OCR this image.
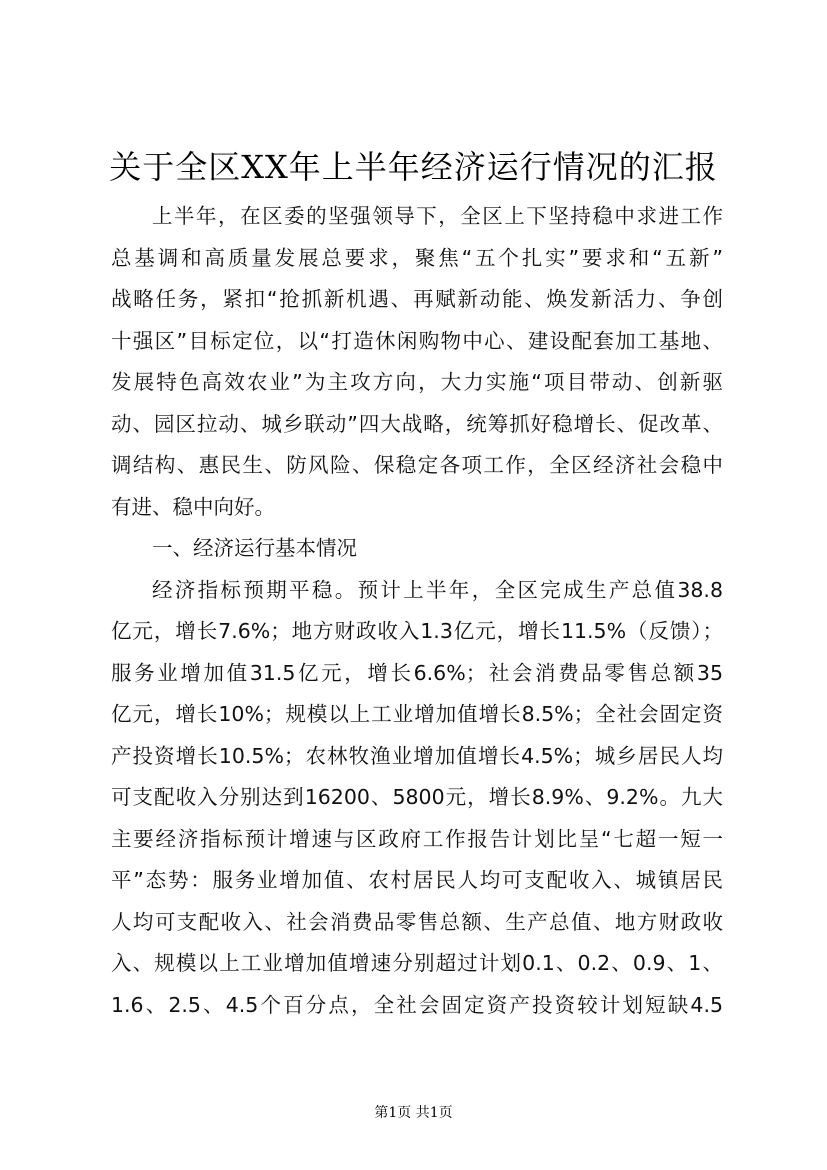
关于全区XX年上半年经济运行情况的汇报
上半年，在区委的坚强领导下，全区上下坚持稳中求进工作
总基调和高质量发展总要求，聚焦“五个扎实”要求和“五新”
战略任务，紧扣“抢抓新机遇、再赋新动能、焕发新活力、争创
十强区”目标定位，以“打造休闲购物中心、建设配套加工基地、
发展特色高效农业”为主攻方向，大力实施“项目带动、创新驱
动、园区拉动、城乡联动”四大战略，统筹抓好稳增长、促改革、
调结构、惠民生、防风险、保稳定各项工作，全区经济社会稳中
有进、稳中向好。
一、经济运行基本情况
经济指标预期平稳。预计上半年，全区完成生产总值38.8
亿元，增长7.6%；地方财政收入1.3亿元，增长11.5%（反馈）；
服务业增加值31.5亿元，增长6.6%；社会消费品零售总额35
亿元，增长10%；规模以上工业增加值增长8.5%；全社会固定资
产投资增长10.5%；农林牧渔业增加值增长4.5%；城乡居民人均
可支配收入分别达到16200、5800元，增长8.9%、9.2%。九大
主要经济指标预计增速与区政府工作报告计划比呈“七超一短一
平”态势：服务业增加值、农村居民人均可支配收入、城镇居民
人均可支配收入、社会消费品零售总额、生产总值、地方财政收
入、规模以上工业增加值增速分别超过计划0.1、0.2、0.9、1、
1.6、2.5、4.5个百分点，全社会固定资产投资较计划短缺4.5
第1页 共1页
